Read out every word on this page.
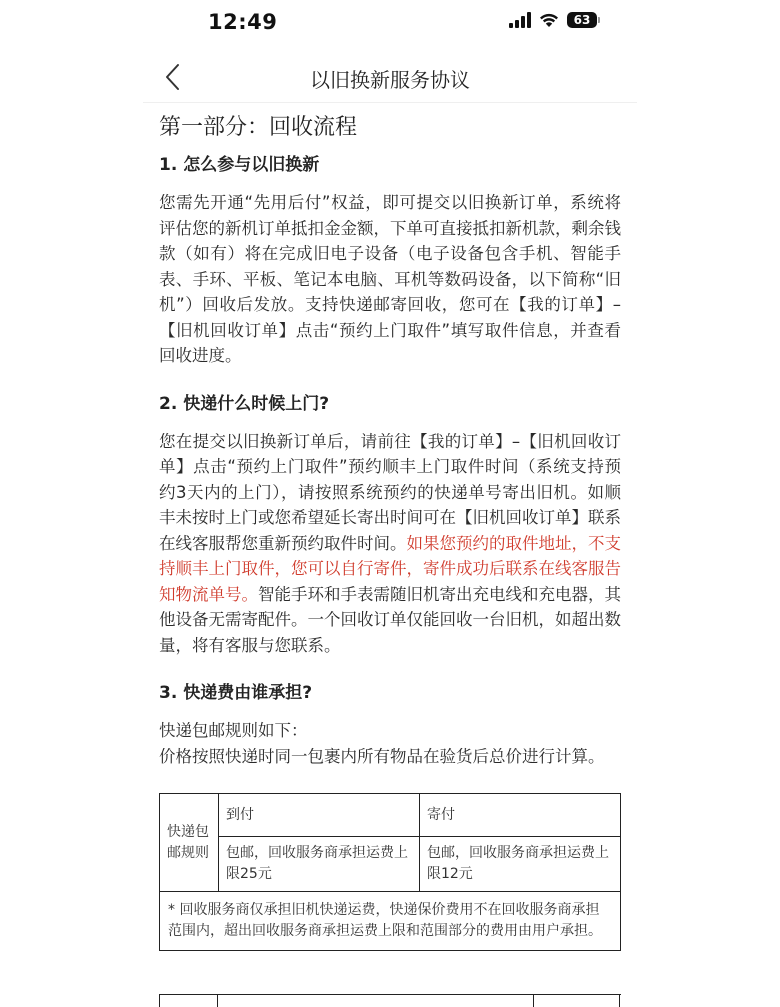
12:49	63
以旧换新服务协议
第一部分：回收流程
1. 怎么参与以旧换新

您需先开通“先用后付”权益，即可提交以旧换新订单，系统将评估您的新机订单抵扣金金额，下单可直接抵扣新机款，剩余钱款（如有）将在完成旧电子设备（电子设备包含手机、智能手表、手环、平板、笔记本电脑、耳机等数码设备，以下简称“旧机”）回收后发放。支持快递邮寄回收，您可在【我的订单】–【旧机回收订单】点击“预约上门取件”填写取件信息，并查看回收进度。

2. 快递什么时候上门?

您在提交以旧换新订单后，请前往【我的订单】–【旧机回收订单】点击“预约上门取件”预约顺丰上门取件时间（系统支持预约3天内的上门），请按照系统预约的快递单号寄出旧机。如顺丰未按时上门或您希望延长寄出时间可在【旧机回收订单】联系在线客服帮您重新预约取件时间。如果您预约的取件地址，不支持顺丰上门取件，您可以自行寄件，寄件成功后联系在线客服告知物流单号。智能手环和手表需随旧机寄出充电线和充电器，其他设备无需寄配件。一个回收订单仅能回收一台旧机，如超出数量，将有客服与您联系。

3. 快递费由谁承担?

快递包邮规则如下：

价格按照快递时同一包裹内所有物品在验货后总价进行计算。

快递包邮规则	到付	寄付
	包邮，回收服务商承担运费上限25元	包邮，回收服务商承担运费上限12元
* 回收服务商仅承担旧机快递运费，快递保价费用不在回收服务商承担范围内，超出回收服务商承担运费上限和范围部分的费用由用户承担。		
